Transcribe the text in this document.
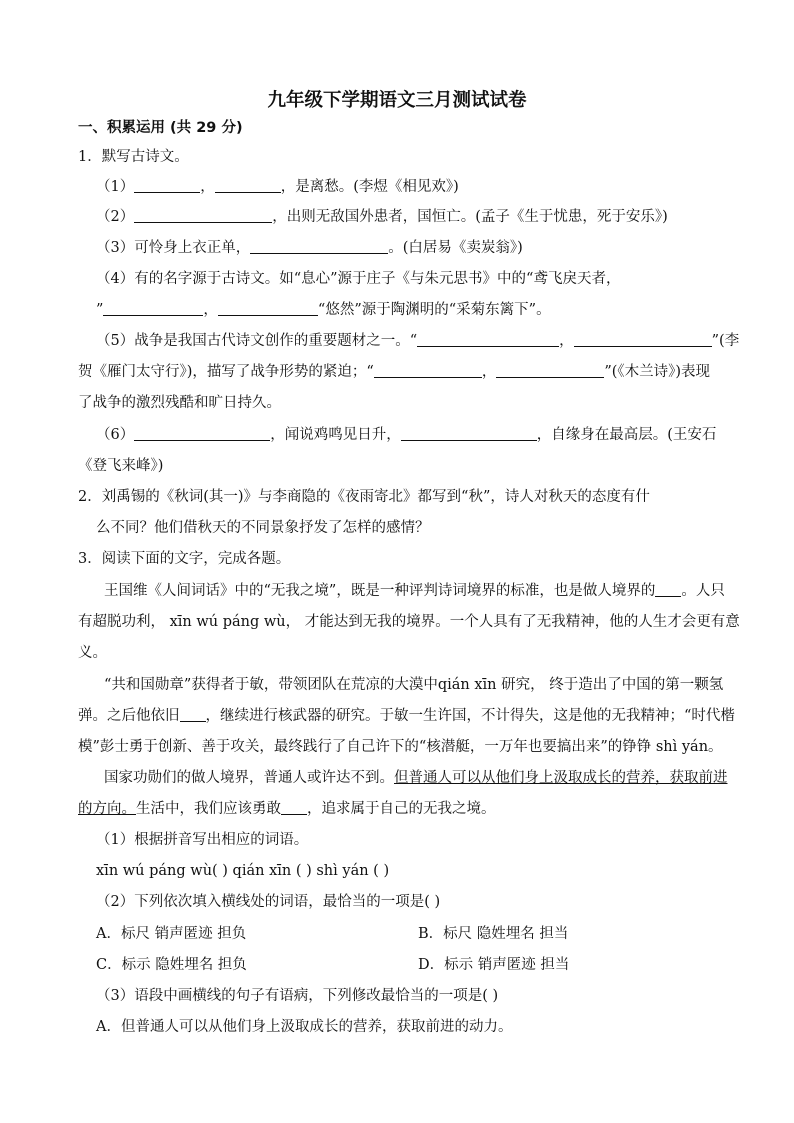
九年级下学期语文三月测试试卷
一、积累运用 (共 29 分)
1．默写古诗文。
（1）	，	，是离愁。(李煜《相见欢》)
（2）	，出则无敌国外患者，国恒亡。(孟子《生于忧患，死于安乐》)
（3）可怜身上衣正单，	。(白居易《卖炭翁》)
（4）有的名字源于古诗文。如“息心”源于庄子《与朱元思书》中的“鸢飞戾天者，
”	，	“悠然”源于陶渊明的“采菊东篱下”。
（5）战争是我国古代诗文创作的重要题材之一。“	，	”(李
贺《雁门太守行》)，描写了战争形势的紧迫；“	，	”(《木兰诗》)表现
了战争的激烈残酷和旷日持久。
（6）	，闻说鸡鸣见日升，	，自缘身在最高层。(王安石
《登飞来峰》)
2．刘禹锡的《秋词(其一)》与李商隐的《夜雨寄北》都写到“秋”，诗人对秋天的态度有什
么不同？他们借秋天的不同景象抒发了怎样的感情？
3．阅读下面的文字，完成各题。
王国维《人间词话》中的“无我之境”，既是一种评判诗词境界的标准，也是做人境界的 。人只
有超脱功利， xīn wú páng wù， 才能达到无我的境界。一个人具有了无我精神，他的人生才会更有意
义。
“共和国勋章”获得者于敏，带领团队在荒凉的大漠中qián xīn 研究， 终于造出了中国的第一颗氢
弹。之后他依旧 ，继续进行核武器的研究。于敏一生许国，不计得失，这是他的无我精神；“时代楷
模”彭士勇于创新、善于攻关，最终践行了自己许下的“核潜艇，一万年也要搞出来”的铮铮 shì yán。
国家功勋们的做人境界，普通人或许达不到。但普通人可以从他们身上汲取成长的营养，获取前进
的方向。生活中，我们应该勇敢 ，追求属于自己的无我之境。
（1）根据拼音写出相应的词语。
xīn wú páng wù( ) qián xīn ( ) shì yán ( )
（2）下列依次填入横线处的词语，最恰当的一项是( )
A．标尺 销声匿迹 担负	B．标尺 隐姓埋名 担当
C．标示 隐姓埋名 担负	D．标示 销声匿迹 担当
（3）语段中画横线的句子有语病，下列修改最恰当的一项是( )
A．但普通人可以从他们身上汲取成长的营养，获取前进的动力。
